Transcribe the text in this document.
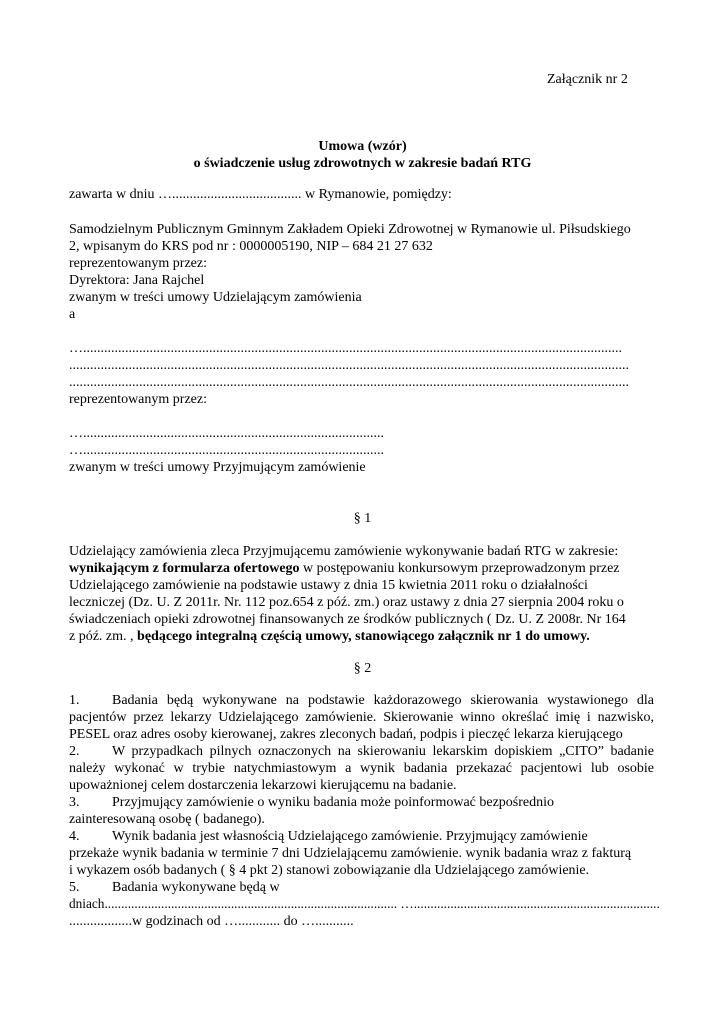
Załącznik nr 2
Umowa (wzór)
o świadczenie usług zdrowotnych w zakresie badań RTG
zawarta w dniu …..................................... w Rymanowie, pomiędzy:
Samodzielnym Publicznym Gminnym Zakładem Opieki Zdrowotnej w Rymanowie ul. Piłsudskiego
2, wpisanym do KRS pod nr : 0000005190, NIP – 684 21 27 632
reprezentowanym przez:
Dyrektora: Jana Rajchel
zwanym w treści umowy Udzielającym zamówienia
a
…..........................................................................................................................................................
................................................................................................................................................................
................................................................................................................................................................
reprezentowanym przez:
…......................................................................................
…......................................................................................
zwanym w treści umowy Przyjmującym zamówienie
§ 1
Udzielający zamówienia zleca Przyjmującemu zamówienie wykonywanie badań RTG w zakresie:
wynikającym z formularza ofertowego w postępowaniu konkursowym przeprowadzonym przez
Udzielającego zamówienie na podstawie ustawy z dnia 15 kwietnia 2011 roku o działalności
leczniczej (Dz. U. Z 2011r. Nr. 112 poz.654 z póź. zm.) oraz ustawy z dnia 27 sierpnia 2004 roku o
świadczeniach opieki zdrowotnej finansowanych ze środków publicznych ( Dz. U. Z 2008r. Nr 164
z póź. zm. , będącego integralną częścią umowy, stanowiącego załącznik nr 1 do umowy.
§ 2
1. Badania będą wykonywane na podstawie każdorazowego skierowania wystawionego dla
pacjentów przez lekarzy Udzielającego zamówienie. Skierowanie winno określać imię i nazwisko,
PESEL oraz adres osoby kierowanej, zakres zleconych badań, podpis i pieczęć lekarza kierującego
2. W przypadkach pilnych oznaczonych na skierowaniu lekarskim dopiskiem „CITO” badanie
należy wykonać w trybie natychmiastowym a wynik badania przekazać pacjentowi lub osobie
upoważnionej celem dostarczenia lekarzowi kierującemu na badanie.
3. Przyjmujący zamówienie o wyniku badania może poinformować bezpośrednio
zainteresowaną osobę ( badanego).
4. Wynik badania jest własnością Udzielającego zamówienie. Przyjmujący zamówienie
przekaże wynik badania w terminie 7 dni Udzielającemu zamówienie. wynik badania wraz z fakturą
i wykazem osób badanych ( § 4 pkt 2) stanowi zobowiązanie dla Udzielającego zamówienie.
5. Badania wykonywane będą w
dniach........................................................................................ …..........................................................................
..................w godzinach od …............ do …...........
